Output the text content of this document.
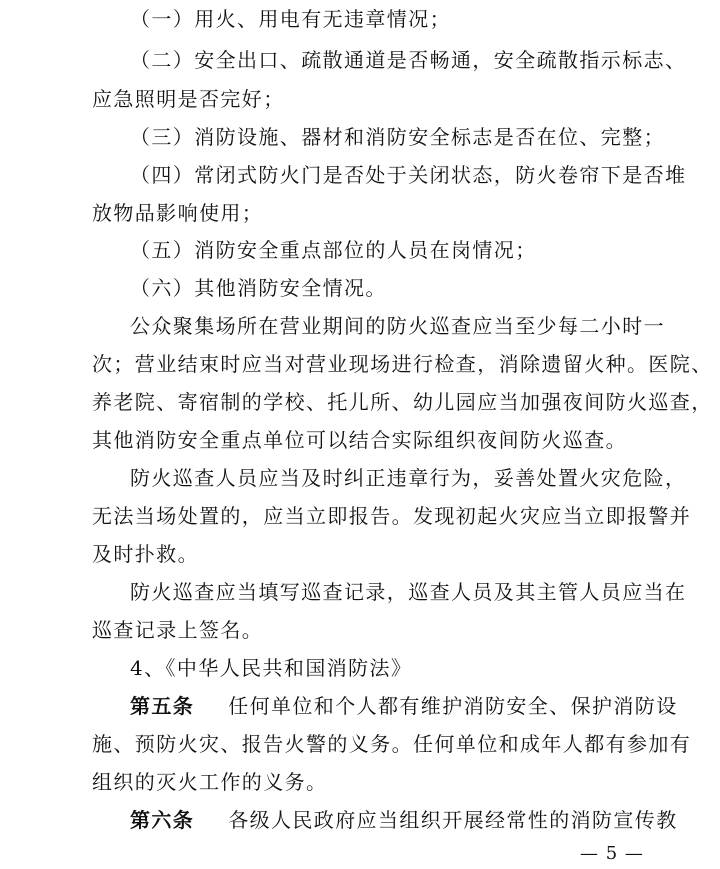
（一）用火、用电有无违章情况；
（二）安全出口、疏散通道是否畅通，安全疏散指示标志、
应急照明是否完好；
（三）消防设施、器材和消防安全标志是否在位、完整；
（四）常闭式防火门是否处于关闭状态，防火卷帘下是否堆
放物品影响使用；
（五）消防安全重点部位的人员在岗情况；
（六）其他消防安全情况。
公众聚集场所在营业期间的防火巡查应当至少每二小时一
次；营业结束时应当对营业现场进行检查，消除遗留火种。医院、
养老院、寄宿制的学校、托儿所、幼儿园应当加强夜间防火巡查，
其他消防安全重点单位可以结合实际组织夜间防火巡查。
防火巡查人员应当及时纠正违章行为，妥善处置火灾危险，
无法当场处置的，应当立即报告。发现初起火灾应当立即报警并
及时扑救。
防火巡查应当填写巡查记录，巡查人员及其主管人员应当在
巡查记录上签名。
4、《中华人民共和国消防法》
第五条 任何单位和个人都有维护消防安全、保护消防设
施、预防火灾、报告火警的义务。任何单位和成年人都有参加有
组织的灭火工作的义务。
第六条 各级人民政府应当组织开展经常性的消防宣传教
— 5 —
